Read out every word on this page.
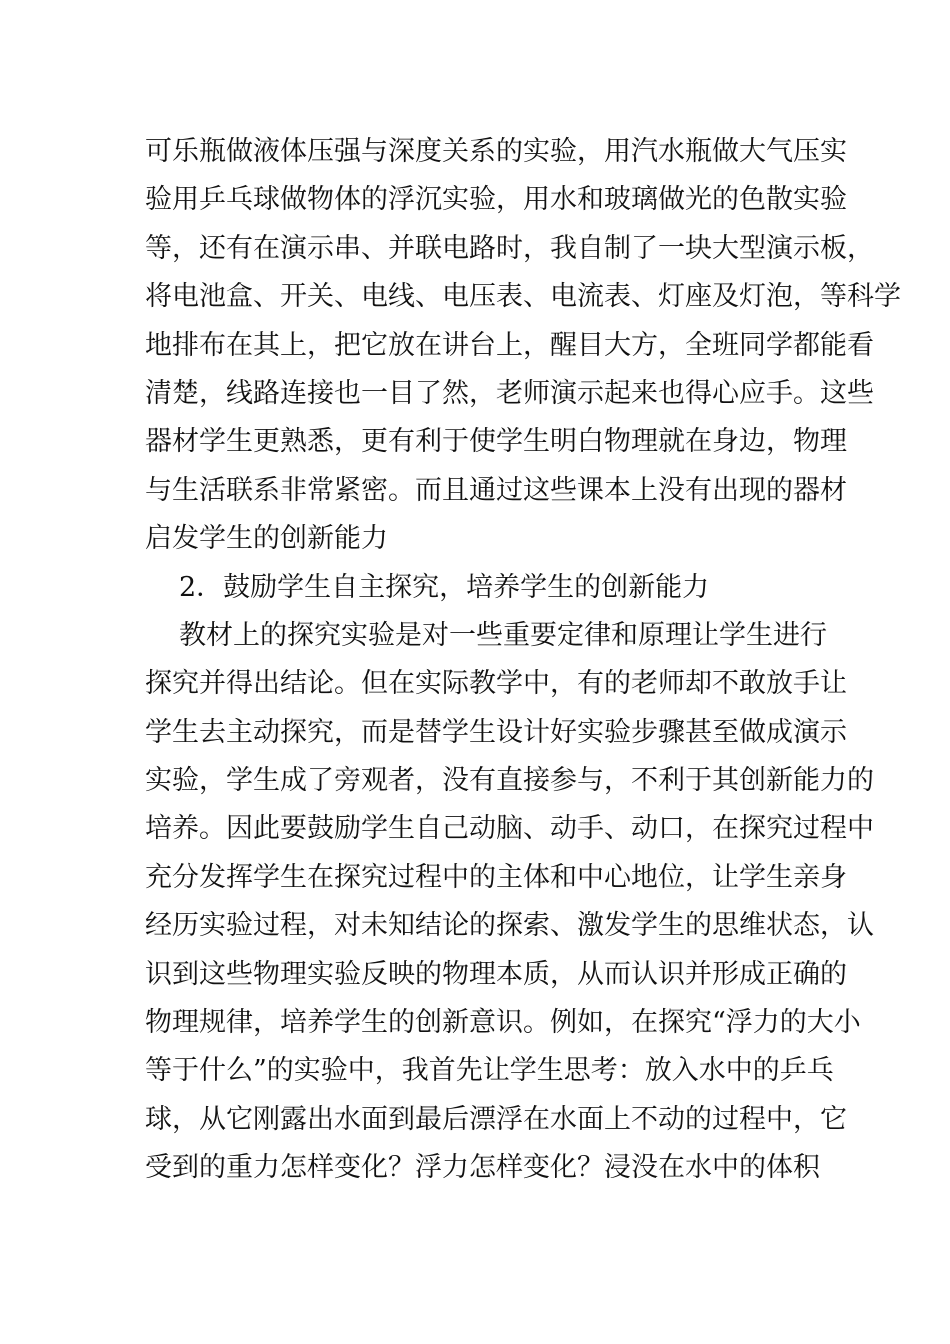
可乐瓶做液体压强与深度关系的实验，用汽水瓶做大气压实
验用乒乓球做物体的浮沉实验，用水和玻璃做光的色散实验
等，还有在演示串、并联电路时，我自制了一块大型演示板，
将电池盒、开关、电线、电压表、电流表、灯座及灯泡，等科学
地排布在其上，把它放在讲台上，醒目大方，全班同学都能看
清楚，线路连接也一目了然，老师演示起来也得心应手。这些
器材学生更熟悉，更有利于使学生明白物理就在身边，物理
与生活联系非常紧密。而且通过这些课本上没有出现的器材
启发学生的创新能力
2．鼓励学生自主探究，培养学生的创新能力
教材上的探究实验是对一些重要定律和原理让学生进行
探究并得出结论。但在实际教学中，有的老师却不敢放手让
学生去主动探究，而是替学生设计好实验步骤甚至做成演示
实验，学生成了旁观者，没有直接参与，不利于其创新能力的
培养。因此要鼓励学生自己动脑、动手、动口，在探究过程中
充分发挥学生在探究过程中的主体和中心地位，让学生亲身
经历实验过程，对未知结论的探索、激发学生的思维状态，认
识到这些物理实验反映的物理本质，从而认识并形成正确的
物理规律，培养学生的创新意识。例如，在探究“浮力的大小
等于什么”的实验中，我首先让学生思考：放入水中的乒乓
球，从它刚露出水面到最后漂浮在水面上不动的过程中，它
受到的重力怎样变化？浮力怎样变化？浸没在水中的体积
